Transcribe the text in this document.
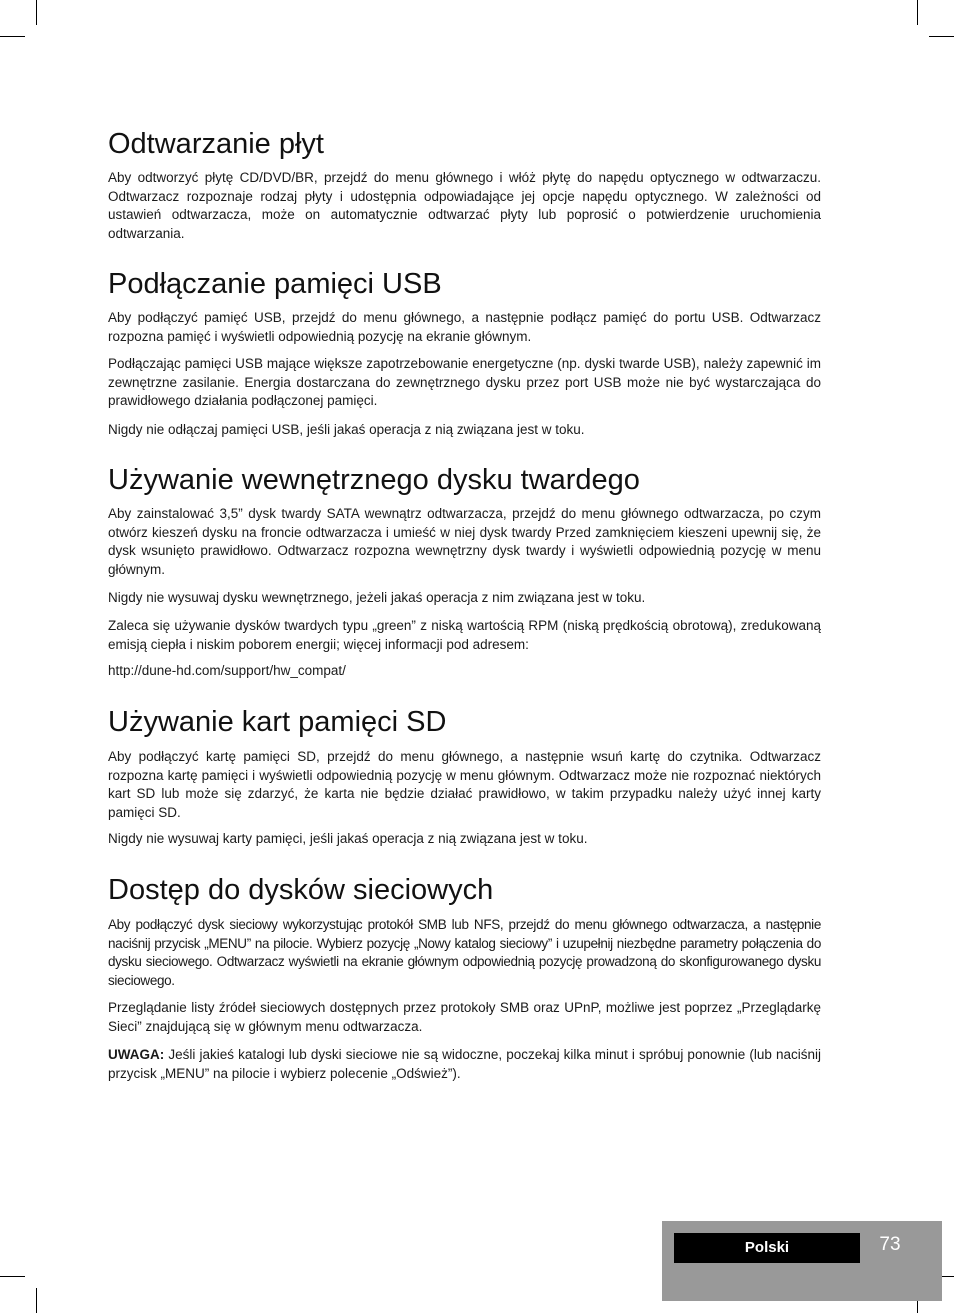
Odtwarzanie płyt

Aby odtworzyć płytę CD/DVD/BR, przejdź do menu głównego i włóż płytę do napędu optycznego w odtwarzaczu. Odtwarzacz rozpoznaje rodzaj płyty i udostępnia odpowiadające jej opcje napędu optycznego. W zależności od ustawień odtwarzacza, może on automatycznie odtwarzać płyty lub poprosić o potwierdzenie uruchomienia odtwarzania.

Podłączanie pamięci USB

Aby podłączyć pamięć USB, przejdź do menu głównego, a następnie podłącz pamięć do portu USB. Odtwarzacz rozpozna pamięć i wyświetli odpowiednią pozycję na ekranie głównym.

Podłączając pamięci USB mające większe zapotrzebowanie energetyczne (np. dyski twarde USB), należy zapewnić im zewnętrzne zasilanie. Energia dostarczana do zewnętrznego dysku przez port USB może nie być wystarczająca do prawidłowego działania podłączonej pamięci.

Nigdy nie odłączaj pamięci USB, jeśli jakaś operacja z nią związana jest w toku.

Używanie wewnętrznego dysku twardego

Aby zainstalować 3,5” dysk twardy SATA wewnątrz odtwarzacza, przejdź do menu głównego odtwarzacza, po czym otwórz kieszeń dysku na froncie odtwarzacza i umieść w niej dysk twardy Przed zamknięciem kieszeni upewnij się, że dysk wsunięto prawidłowo. Odtwarzacz rozpozna wewnętrzny dysk twardy i wyświetli odpowiednią pozycję w menu głównym.

Nigdy nie wysuwaj dysku wewnętrznego, jeżeli jakaś operacja z nim związana jest w toku.

Zaleca się używanie dysków twardych typu „green” z niską wartością RPM (niską prędkością obrotową), zredukowaną emisją ciepła i niskim poborem energii; więcej informacji pod adresem:

http://dune-hd.com/support/hw_compat/

Używanie kart pamięci SD

Aby podłączyć kartę pamięci SD, przejdź do menu głównego, a następnie wsuń kartę do czytnika. Odtwarzacz rozpozna kartę pamięci i wyświetli odpowiednią pozycję w menu głównym. Odtwarzacz może nie rozpoznać niektórych kart SD lub może się zdarzyć, że karta nie będzie działać prawidłowo, w takim przypadku należy użyć innej karty pamięci SD.

Nigdy nie wysuwaj karty pamięci, jeśli jakaś operacja z nią związana jest w toku.

Dostęp do dysków sieciowych

Aby podłączyć dysk sieciowy wykorzystując protokół SMB lub NFS, przejdź do menu głównego odtwarzacza, a następnie naciśnij przycisk „MENU” na pilocie. Wybierz pozycję „Nowy katalog sieciowy” i uzupełnij niezbędne parametry połączenia do dysku sieciowego. Odtwarzacz wyświetli na ekranie głównym odpowiednią pozycję prowadzoną do skonfigurowanego dysku sieciowego.

Przeglądanie listy źródeł sieciowych dostępnych przez protokoły SMB oraz UPnP, możliwe jest poprzez „Przeglądarkę Sieci” znajdującą się w głównym menu odtwarzacza.

UWAGA: Jeśli jakieś katalogi lub dyski sieciowe nie są widoczne, poczekaj kilka minut i spróbuj ponownie (lub naciśnij przycisk „MENU” na pilocie i wybierz polecenie „Odśwież”).

Polski	73
